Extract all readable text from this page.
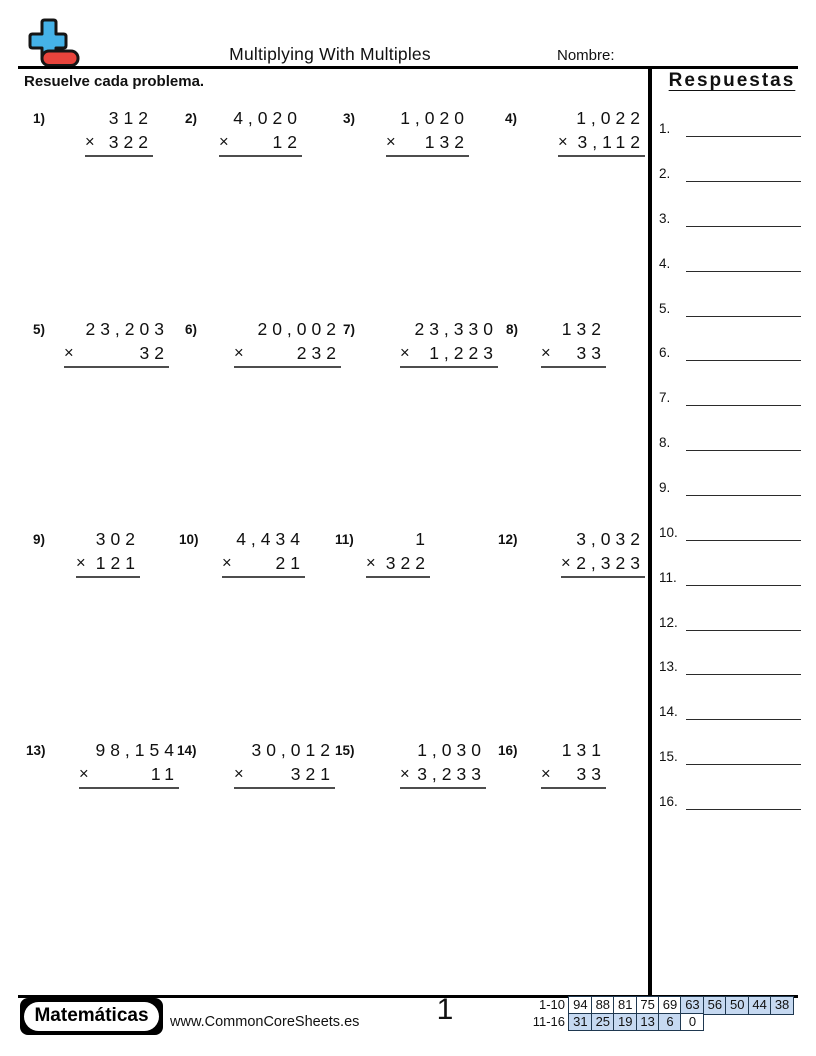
Multiplying With Multiples	Nombre:
Resuelve cada problema.	Respuestas
1.
2.
3.
4.
5.
6.
7.
8.
9.
10.
11.
12.
13.
14.
15.
16.
1)	312
× 322
2)	4,020
×	12
3)	1,020
× 132
4)	1,022
× 3,112
5)	23,203
×	32
6)	20,002
×	232
7)	23,330
× 1,223
8)	132
× 33
9)	302
× 121
10)	4,434
×	21
11)	1
× 322
12)	3,032
× 2,323
13)	98,154
×	11
14)	30,012
×	321
15)	1,030
× 3,233
16)	131
× 33
Matemáticas	www.CommonCoreSheets.es	1	1-10 94 88 81 75 69 63 56 50 44 38
11-16 31 25 19 13 6	0
